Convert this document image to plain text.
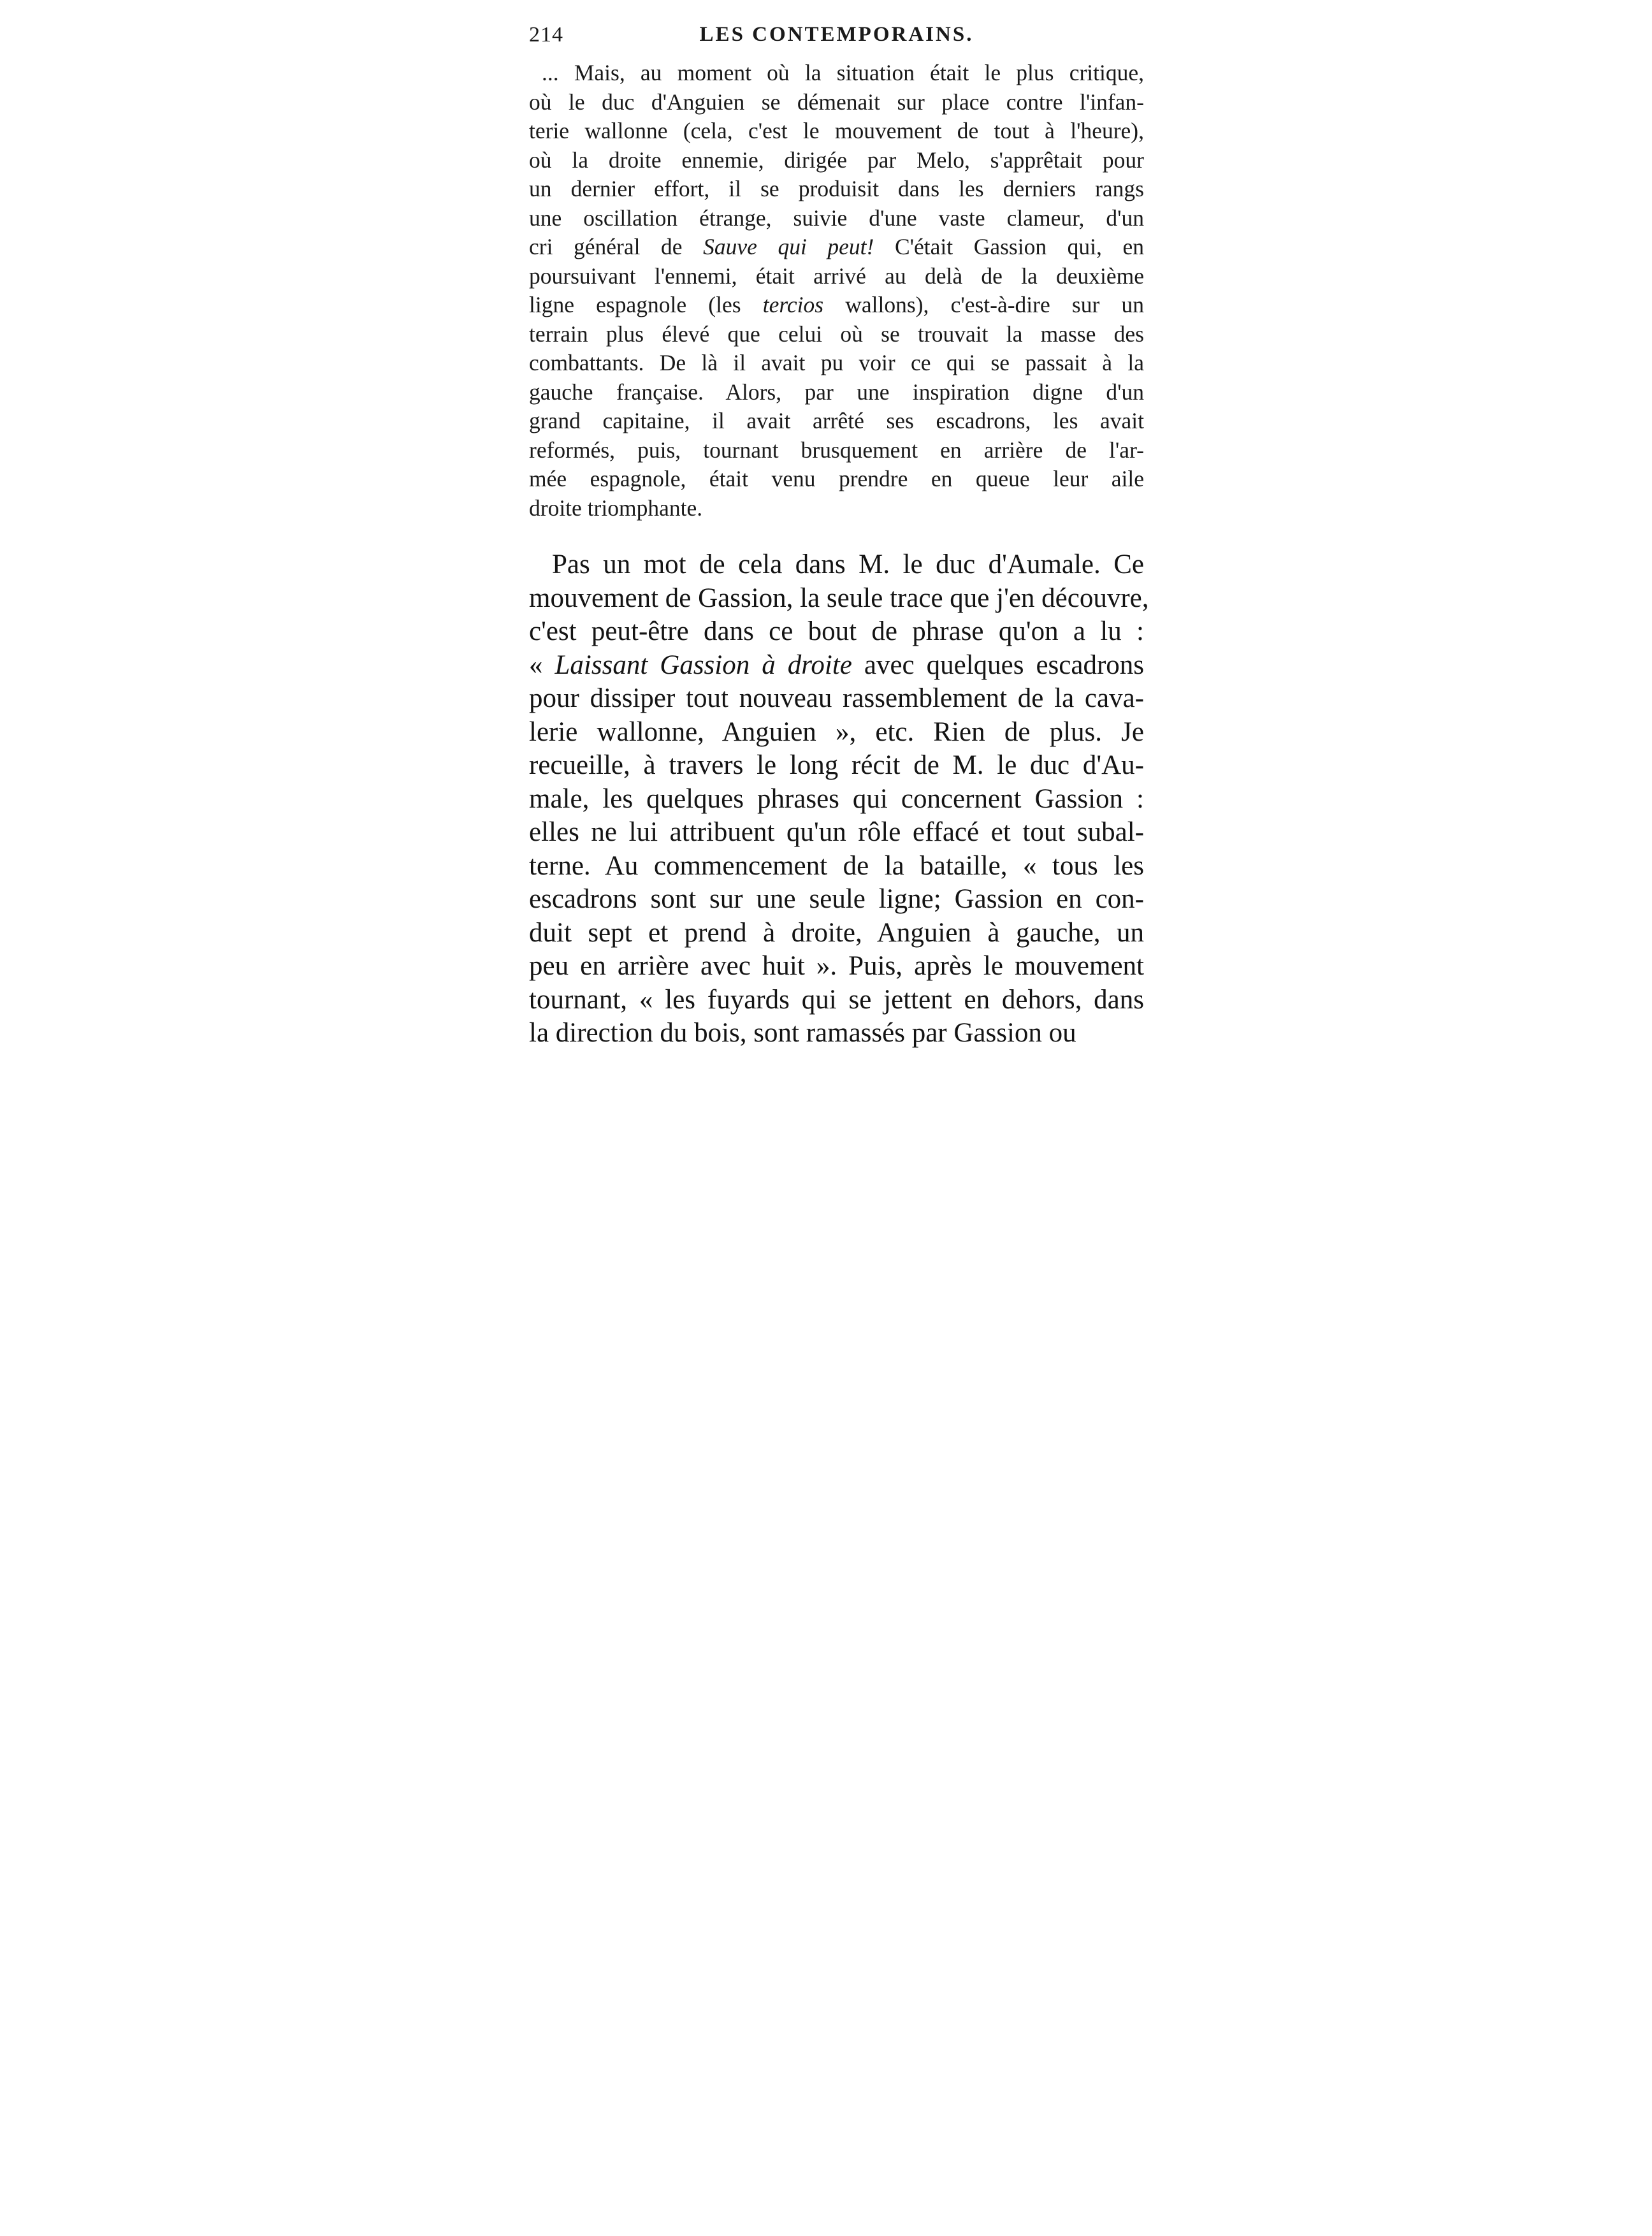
214	LES CONTEMPORAINS.
... Mais, au moment où la situation était le plus critique,
où le duc d'Anguien se démenait sur place contre l'infan-
terie wallonne (cela, c'est le mouvement de tout à l'heure),
où la droite ennemie, dirigée par Melo, s'apprêtait pour
un dernier effort, il se produisit dans les derniers rangs
une oscillation étrange, suivie d'une vaste clameur, d'un
cri général de Sauve qui peut! C'était Gassion qui, en
poursuivant l'ennemi, était arrivé au delà de la deuxième
ligne espagnole (les tercios wallons), c'est-à-dire sur un
terrain plus élevé que celui où se trouvait la masse des
combattants. De là il avait pu voir ce qui se passait à la
gauche française. Alors, par une inspiration digne d'un
grand capitaine, il avait arrêté ses escadrons, les avait
reformés, puis, tournant brusquement en arrière de l'ar-
mée espagnole, était venu prendre en queue leur aile
droite triomphante.
Pas un mot de cela dans M. le duc d'Aumale. Ce
mouvement de Gassion, la seule trace que j'en découvre,
c'est peut-être dans ce bout de phrase qu'on a lu :
« Laissant Gassion à droite avec quelques escadrons
pour dissiper tout nouveau rassemblement de la cava-
lerie wallonne, Anguien », etc. Rien de plus. Je
recueille, à travers le long récit de M. le duc d'Au-
male, les quelques phrases qui concernent Gassion :
elles ne lui attribuent qu'un rôle effacé et tout subal-
terne. Au commencement de la bataille, « tous les
escadrons sont sur une seule ligne; Gassion en con-
duit sept et prend à droite, Anguien à gauche, un
peu en arrière avec huit ». Puis, après le mouvement
tournant, « les fuyards qui se jettent en dehors, dans
la direction du bois, sont ramassés par Gassion ou
